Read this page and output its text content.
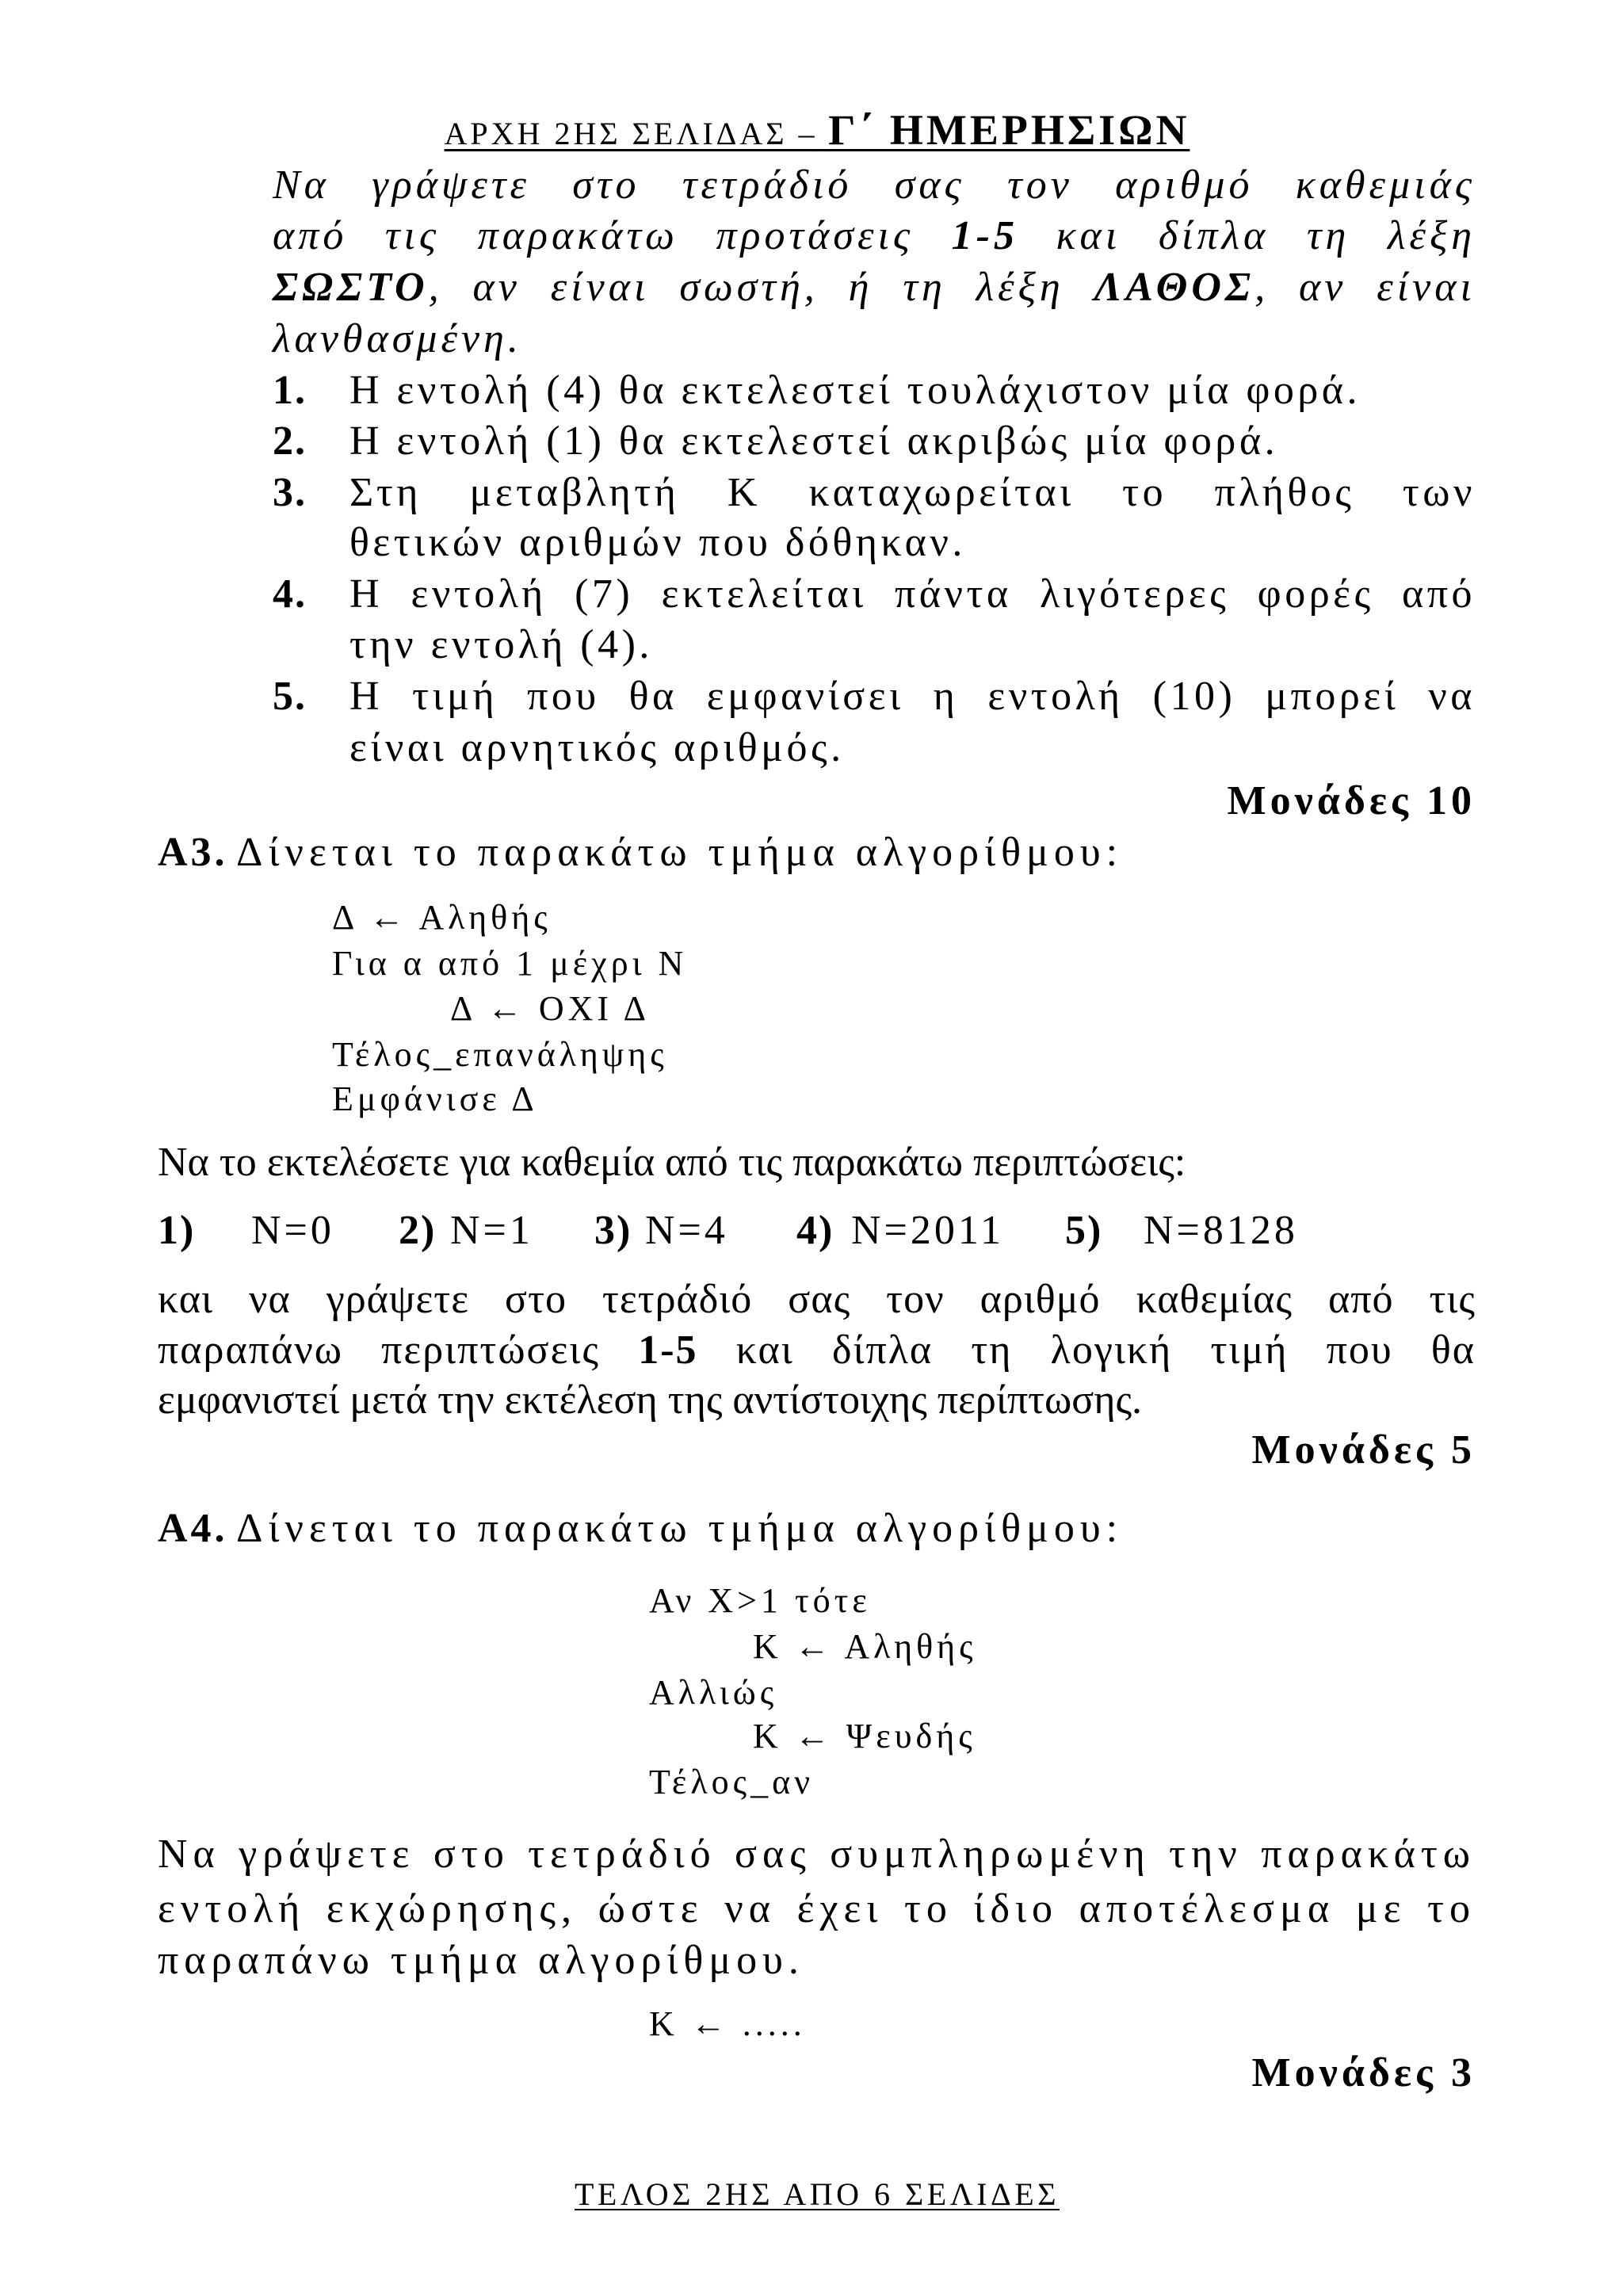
ΑΡΧΗ 2ΗΣ ΣΕΛΙΔΑΣ – Γ΄ ΗΜΕΡΗΣΙΩΝ
Να γράψετε στο τετράδιό σας τον αριθμό καθεμιάς
από τις παρακάτω προτάσεις 1-5 και δίπλα τη λέξη
ΣΩΣΤΟ, αν είναι σωστή, ή τη λέξη ΛΑΘΟΣ, αν είναι
λανθασμένη.
1. Η εντολή (4) θα εκτελεστεί τουλάχιστον μία φορά.
2. Η εντολή (1) θα εκτελεστεί ακριβώς μία φορά.
3. Στη μεταβλητή Κ καταχωρείται το πλήθος των
θετικών αριθμών που δόθηκαν.
4. Η εντολή (7) εκτελείται πάντα λιγότερες φορές από
την εντολή (4).
5. Η τιμή που θα εμφανίσει η εντολή (10) μπορεί να
είναι αρνητικός αριθμός.
Μονάδες 10
Α3. Δίνεται το παρακάτω τμήμα αλγορίθμου:
Δ ← Αληθής
Για α από 1 μέχρι Ν
Δ ← ΟΧΙ Δ
Τέλος_επανάληψης
Εμφάνισε Δ
Να το εκτελέσετε για καθεμία από τις παρακάτω περιπτώσεις:
1) Ν=0 2) Ν=1 3) Ν=4 4) Ν=2011 5) Ν=8128
και να γράψετε στο τετράδιό σας τον αριθμό καθεμίας από τις
παραπάνω περιπτώσεις 1-5 και δίπλα τη λογική τιμή που θα
εμφανιστεί μετά την εκτέλεση της αντίστοιχης περίπτωσης.
Μονάδες 5
Α4. Δίνεται το παρακάτω τμήμα αλγορίθμου:
Αν Χ>1 τότε
Κ ← Αληθής
Αλλιώς
Κ ← Ψευδής
Τέλος_αν
Να γράψετε στο τετράδιό σας συμπληρωμένη την παρακάτω
εντολή εκχώρησης, ώστε να έχει το ίδιο αποτέλεσμα με το
παραπάνω τμήμα αλγορίθμου.
Κ ← .....
Μονάδες 3
ΤΕΛΟΣ 2ΗΣ ΑΠΟ 6 ΣΕΛΙΔΕΣ
